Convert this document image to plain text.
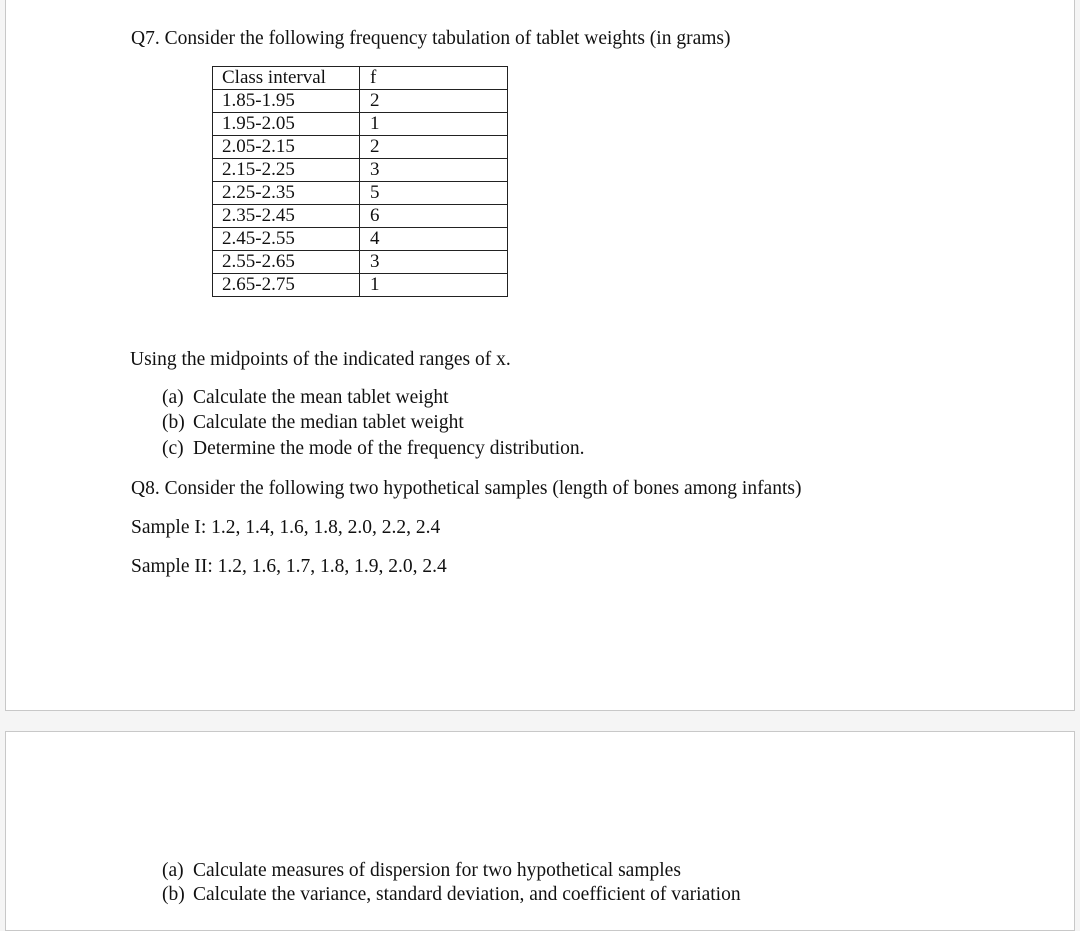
Q7. Consider the following frequency tabulation of tablet weights (in grams)
Class interval	f
1.85-1.95	2
1.95-2.05	1
2.05-2.15	2
2.15-2.25	3
2.25-2.35	5
2.35-2.45	6
2.45-2.55	4
2.55-2.65	3
2.65-2.75	1
Using the midpoints of the indicated ranges of x.
(a) Calculate the mean tablet weight
(b) Calculate the median tablet weight
(c) Determine the mode of the frequency distribution.
Q8. Consider the following two hypothetical samples (length of bones among infants)
Sample I: 1.2, 1.4, 1.6, 1.8, 2.0, 2.2, 2.4
Sample II: 1.2, 1.6, 1.7, 1.8, 1.9, 2.0, 2.4
(a) Calculate measures of dispersion for two hypothetical samples
(b) Calculate the variance, standard deviation, and coefficient of variation
